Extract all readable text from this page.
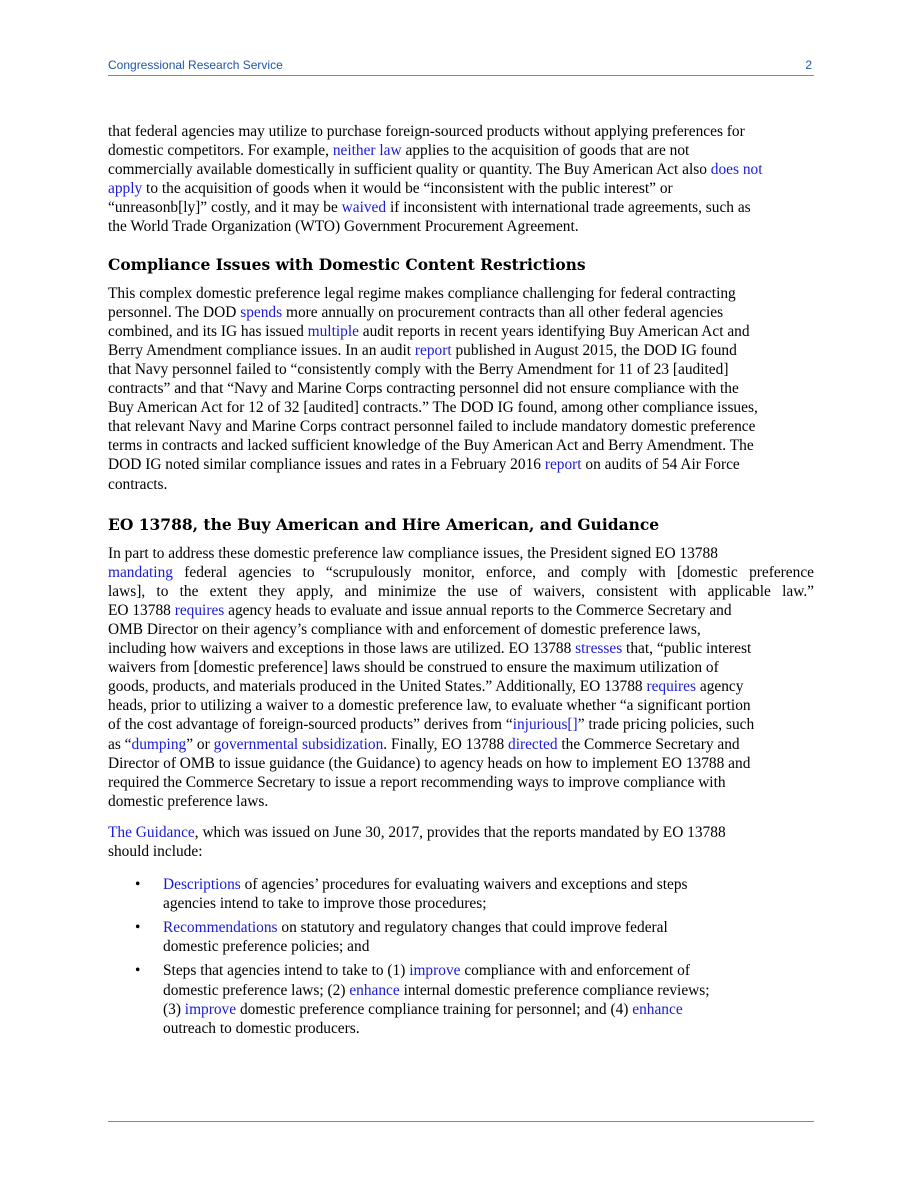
Congressional Research Service	2

that federal agencies may utilize to purchase foreign-sourced products without applying preferences for
domestic competitors. For example, neither law applies to the acquisition of goods that are not
commercially available domestically in sufficient quality or quantity. The Buy American Act also does not
apply to the acquisition of goods when it would be “inconsistent with the public interest” or
“unreasonb[ly]” costly, and it may be waived if inconsistent with international trade agreements, such as
the World Trade Organization (WTO) Government Procurement Agreement.

Compliance Issues with Domestic Content Restrictions

This complex domestic preference legal regime makes compliance challenging for federal contracting
personnel. The DOD spends more annually on procurement contracts than all other federal agencies
combined, and its IG has issued multiple audit reports in recent years identifying Buy American Act and
Berry Amendment compliance issues. In an audit report published in August 2015, the DOD IG found
that Navy personnel failed to “consistently comply with the Berry Amendment for 11 of 23 [audited]
contracts” and that “Navy and Marine Corps contracting personnel did not ensure compliance with the
Buy American Act for 12 of 32 [audited] contracts.” The DOD IG found, among other compliance issues,
that relevant Navy and Marine Corps contract personnel failed to include mandatory domestic preference
terms in contracts and lacked sufficient knowledge of the Buy American Act and Berry Amendment. The
DOD IG noted similar compliance issues and rates in a February 2016 report on audits of 54 Air Force
contracts.

EO 13788, the Buy American and Hire American, and Guidance

In part to address these domestic preference law compliance issues, the President signed EO 13788
mandating federal agencies to “scrupulously monitor, enforce, and comply with [domestic preference
laws], to the extent they apply, and minimize the use of waivers, consistent with applicable law.”
EO 13788 requires agency heads to evaluate and issue annual reports to the Commerce Secretary and
OMB Director on their agency’s compliance with and enforcement of domestic preference laws,
including how waivers and exceptions in those laws are utilized. EO 13788 stresses that, “public interest
waivers from [domestic preference] laws should be construed to ensure the maximum utilization of
goods, products, and materials produced in the United States.” Additionally, EO 13788 requires agency
heads, prior to utilizing a waiver to a domestic preference law, to evaluate whether “a significant portion
of the cost advantage of foreign-sourced products” derives from “injurious[]” trade pricing policies, such
as “dumping” or governmental subsidization. Finally, EO 13788 directed the Commerce Secretary and
Director of OMB to issue guidance (the Guidance) to agency heads on how to implement EO 13788 and
required the Commerce Secretary to issue a report recommending ways to improve compliance with
domestic preference laws.

The Guidance, which was issued on June 30, 2017, provides that the reports mandated by EO 13788
should include:

• Descriptions of agencies’ procedures for evaluating waivers and exceptions and steps
agencies intend to take to improve those procedures;
• Recommendations on statutory and regulatory changes that could improve federal
domestic preference policies; and
• Steps that agencies intend to take to (1) improve compliance with and enforcement of
domestic preference laws; (2) enhance internal domestic preference compliance reviews;
(3) improve domestic preference compliance training for personnel; and (4) enhance
outreach to domestic producers.
